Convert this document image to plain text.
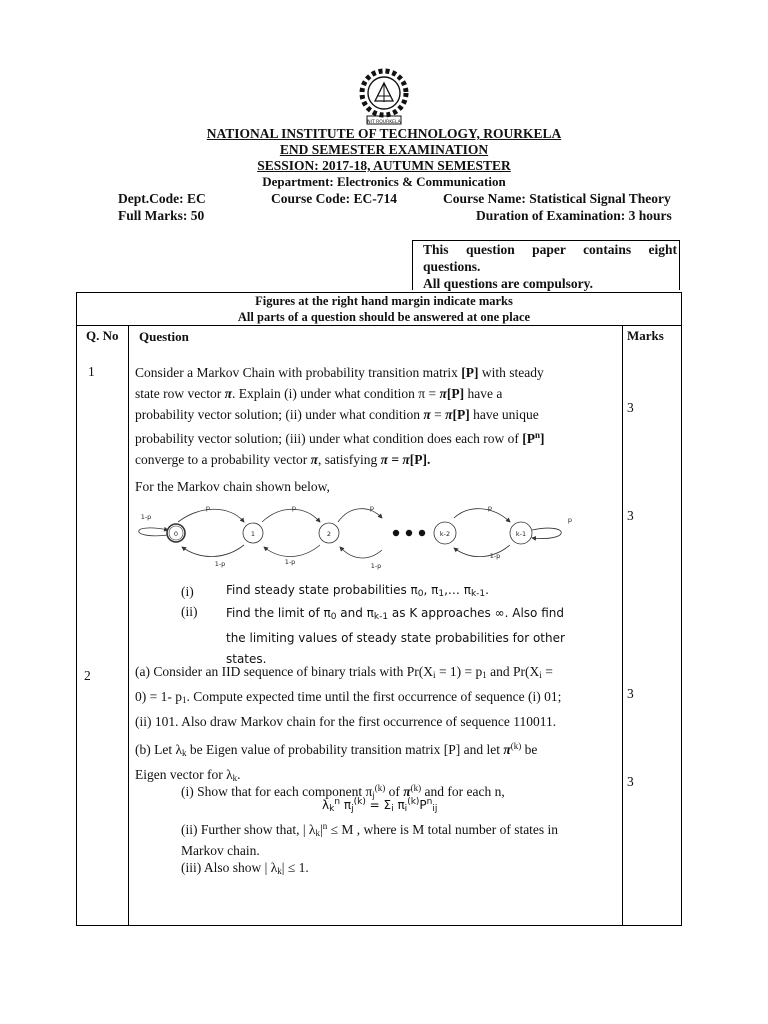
NIT ROURKELA
NATIONAL INSTITUTE OF TECHNOLOGY, ROURKELA
END SEMESTER EXAMINATION
SESSION: 2017-18, AUTUMN SEMESTER
Department: Electronics & Communication
Dept.Code: EC	Course Code: EC-714	Course Name: Statistical Signal Theory
Full Marks: 50	Duration of Examination: 3 hours
This question paper contains eight
questions.
All questions are compulsory.
Figures at the right hand margin indicate marks
All parts of a question should be answered at one place
Q. No Question	Marks
1	Consider a Markov Chain with probability transition matrix [P] with steady
state row vector π. Explain (i) under what condition π = π[P] have a
probability vector solution; (ii) under what condition π = π[P] have unique
probability vector solution; (iii) under what condition does each row of $[P^n]$
converge to a probability vector π, satisfying π = π[P].
3
For the Markov chain shown below,
3
0	1	2	k-2	k-1
1-p
p	p	p	p
p
1-p	1-p	1-p
1-p
(i)	Find steady state probabilities π0, π1,… πk-1.
(ii) Find the limit of π0 and πk-1 as K approaches ∞. Also find the limiting values of steady state probabilities for other states.
2	(a) Consider an IID sequence of binary trials with Pr(Xi = 1) = p1 and Pr(Xi =
0) = 1- p1. Compute expected time until the first occurrence of sequence (i) 01;
(ii) 101. Also draw Markov chain for the first occurrence of sequence 110011.
3
(b) Let λk be Eigen value of probability transition matrix [P] and let $\pi^{(k)}$ be
Eigen vector for λk.	3
(i) Show that for each component $\pi j^{(k)}$ of $\pi^{(k)}$ and for each n,
$\lambda k^n$ $\pi j^{(k)} = \Sigma i$ $\pi i^{(k)}P^nij$
(ii) Further show that, | $\lambda k|^n \le M$ , where is M total number of states in
Markov chain.
(iii) Also show | λk| ≤ 1.
